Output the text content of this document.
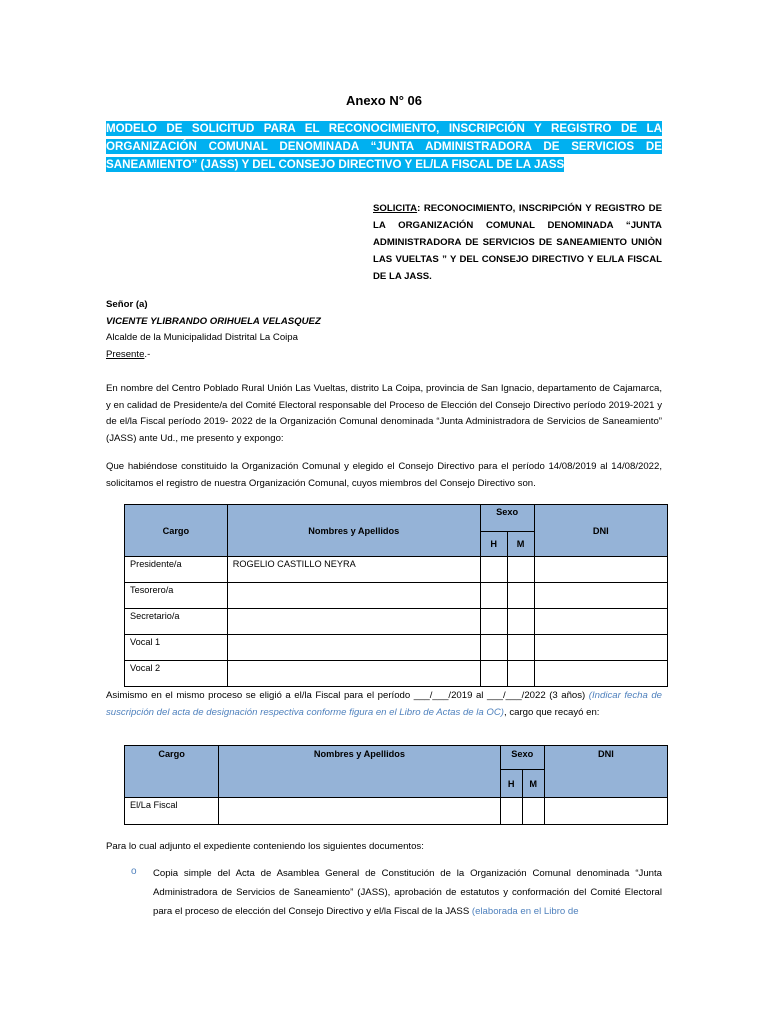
Anexo N° 06
MODELO DE SOLICITUD PARA EL RECONOCIMIENTO, INSCRIPCIÓN Y REGISTRO DE LA ORGANIZACIÓN COMUNAL DENOMINADA “JUNTA ADMINISTRADORA DE SERVICIOS DE SANEAMIENTO” (JASS) Y DEL CONSEJO DIRECTIVO Y EL/LA FISCAL DE LA JASS
SOLICITA: RECONOCIMIENTO, INSCRIPCIÓN Y REGISTRO DE LA ORGANIZACIÓN COMUNAL DENOMINADA “JUNTA ADMINISTRADORA DE SERVICIOS DE SANEAMIENTO UNIÒN LAS VUELTAS ” Y DEL CONSEJO DIRECTIVO Y EL/LA FISCAL DE LA JASS.
Señor (a)
VICENTE YLIBRANDO ORIHUELA VELASQUEZ
Alcalde de la Municipalidad Distrital La Coipa
Presente.-
En nombre del Centro Poblado Rural Unión Las Vueltas, distrito La Coipa, provincia de San Ignacio, departamento de Cajamarca, y en calidad de Presidente/a del Comité Electoral responsable del Proceso de Elección del Consejo Directivo período 2019-2021 y de el/la Fiscal período 2019- 2022 de la Organización Comunal denominada “Junta Administradora de Servicios de Saneamiento” (JASS) ante Ud., me presento y expongo:
Que habiéndose constituido la Organización Comunal y elegido el Consejo Directivo para el período 14/08/2019 al 14/08/2022, solicitamos el registro de nuestra Organización Comunal, cuyos miembros del Consejo Directivo son.
Cargo	Nombres y Apellidos	Sexo		DNI
		H	M	
Presidente/a	ROGELIO CASTILLO NEYRA			
Tesorero/a				
Secretario/a				
Vocal 1				
Vocal 2				
Asimismo en el mismo proceso se eligió a el/la Fiscal para el período ___/___/2019 al ___/___/2022 (3 años) (Indicar fecha de suscripción del acta de designación respectiva conforme figura en el Libro de Actas de la OC), cargo que recayó en:
Cargo	Nombres y Apellidos	Sexo		DNI
		H	M	
El/La Fiscal				
Para lo cual adjunto el expediente conteniendo los siguientes documentos:
o Copia simple del Acta de Asamblea General de Constitución de la Organización Comunal denominada “Junta Administradora de Servicios de Saneamiento” (JASS), aprobación de estatutos y conformación del Comité Electoral para el proceso de elección del Consejo Directivo y el/la Fiscal de la JASS (elaborada en el Libro de
